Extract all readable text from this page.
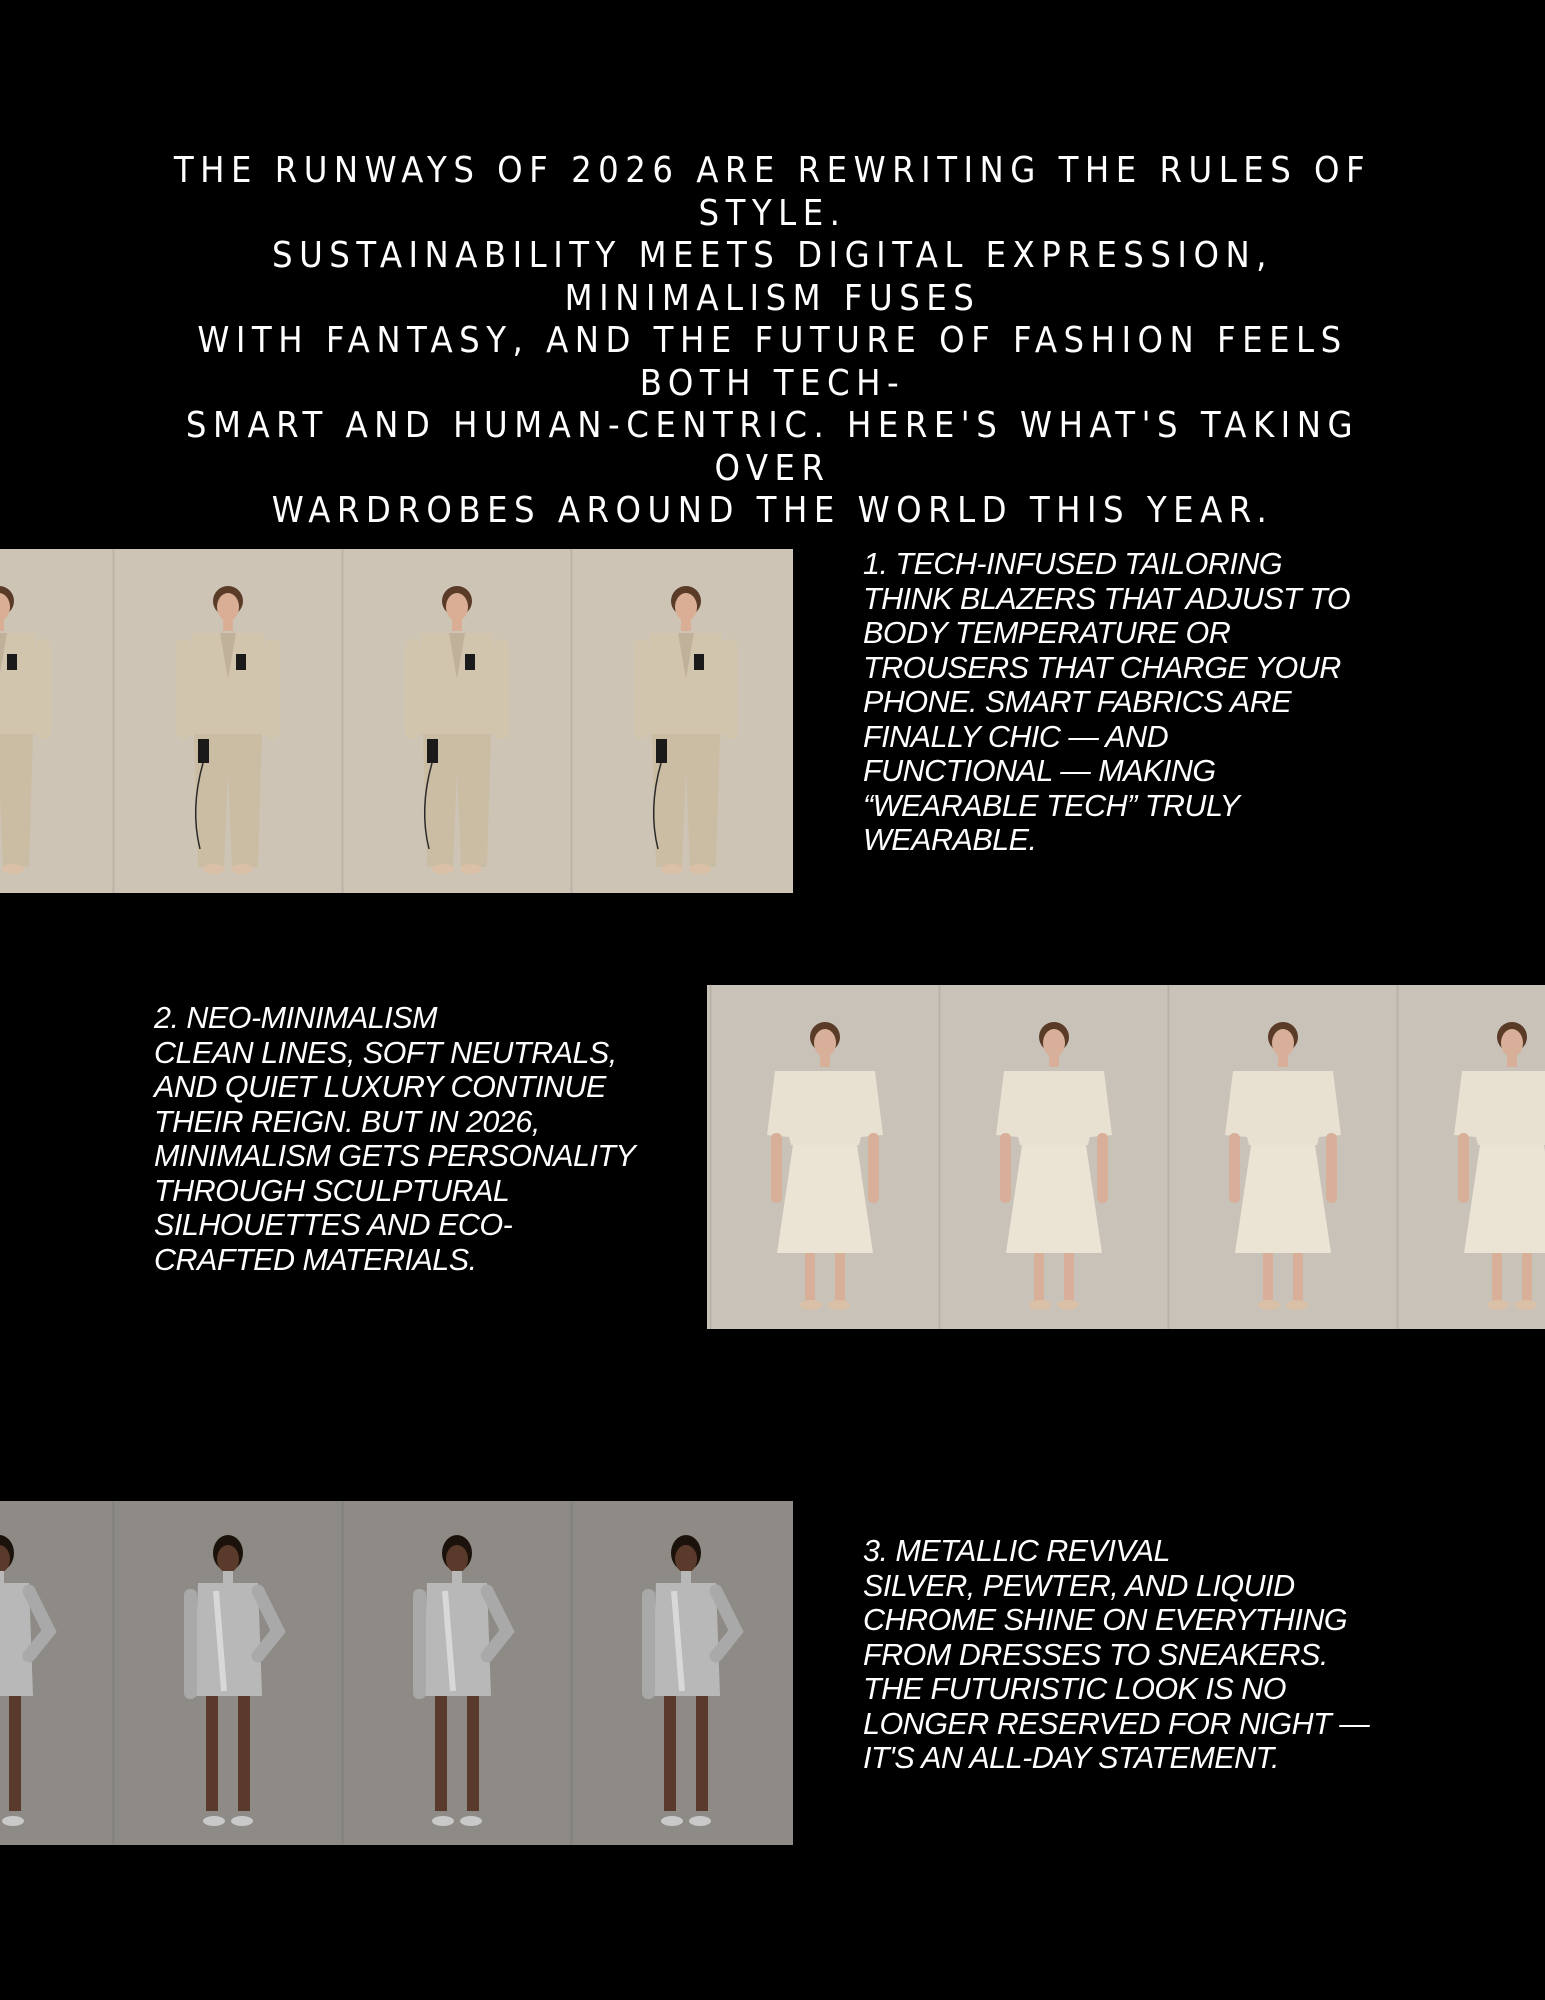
THE RUNWAYS OF 2026 ARE REWRITING THE RULES OF STYLE.
SUSTAINABILITY MEETS DIGITAL EXPRESSION, MINIMALISM FUSES
WITH FANTASY, AND THE FUTURE OF FASHION FEELS BOTH TECH-
SMART AND HUMAN-CENTRIC. HERE'S WHAT'S TAKING OVER
WARDROBES AROUND THE WORLD THIS YEAR.
1. TECH-INFUSED TAILORING
THINK BLAZERS THAT ADJUST TO
BODY TEMPERATURE OR
TROUSERS THAT CHARGE YOUR
PHONE. SMART FABRICS ARE
FINALLY CHIC — AND
FUNCTIONAL — MAKING
“WEARABLE TECH” TRULY
WEARABLE.
2. NEO-MINIMALISM
CLEAN LINES, SOFT NEUTRALS,
AND QUIET LUXURY CONTINUE
THEIR REIGN. BUT IN 2026,
MINIMALISM GETS PERSONALITY
THROUGH SCULPTURAL
SILHOUETTES AND ECO-
CRAFTED MATERIALS.
3. METALLIC REVIVAL
SILVER, PEWTER, AND LIQUID
CHROME SHINE ON EVERYTHING
FROM DRESSES TO SNEAKERS.
THE FUTURISTIC LOOK IS NO
LONGER RESERVED FOR NIGHT —
IT'S AN ALL-DAY STATEMENT.
